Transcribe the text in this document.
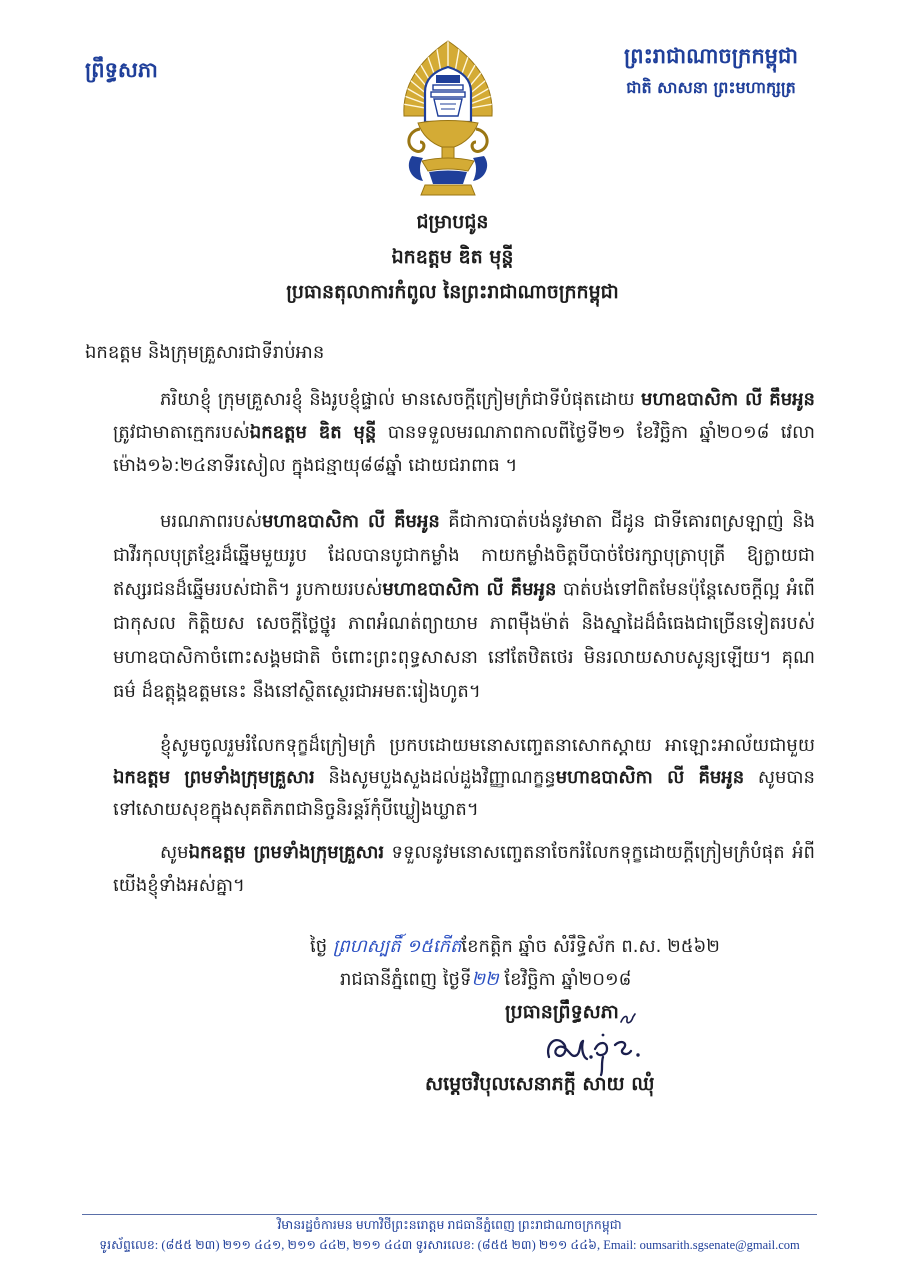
ព្រឹទ្ធសភា
ព្រះរាជាណាចក្រកម្ពុជា
ជាតិ សាសនា ព្រះមហាក្សត្រ
ជម្រាបជូន
ឯកឧត្តម ឌិត មុន្ដី
ប្រធានតុលាការកំពូល នៃព្រះរាជាណាចក្រកម្ពុជា
ឯកឧត្តម និងក្រុមគ្រួសារជាទីរាប់អាន

ភរិយាខ្ញុំ ក្រុមគ្រួសារខ្ញុំ និងរូបខ្ញុំផ្ទាល់ មានសេចក្ដីក្រៀមក្រំជាទីបំផុតដោយ មហាឧបាសិកា លី គឹមអូន ត្រូវជាមាតាក្មេករបស់ឯកឧត្តម ឌិត មុន្ដី បានទទួលមរណភាពកាលពីថ្ងៃទី២១ ខែវិច្ឆិកា ឆ្នាំ២០១៨ វេលាម៉ោង១៦:២៤នាទីរសៀល ក្នុងជន្មាយុ៨៨ឆ្នាំ ដោយជរាពាធ ។

មរណភាពរបស់មហាឧបាសិកា លី គឹមអូន គឺជាការបាត់បង់នូវមាតា ជីដូន ជាទីគោរពស្រឡាញ់ និងជាវីរកុលបុត្រខ្មែរដ៏ឆ្នើមមួយរូប ដែលបានបូជាកម្លាំង កាយកម្លាំងចិត្តបីបាច់ថែរក្សាបុត្រាបុត្រី ឱ្យក្លាយជាឥស្សរជនដ៏ឆ្នើមរបស់ជាតិ។ រូបកាយរបស់មហាឧបាសិកា លី គឹមអូន បាត់បង់ទៅពិតមែនប៉ុន្តែសេចក្ដីល្អ អំពើជាកុសល កិត្តិយស សេចក្ដីថ្លៃថ្នូរ ភាពអំណត់ព្យាយាម ភាពម៉ឺងម៉ាត់ និងស្នាដៃដ៏ធំធេងជាច្រើនទៀតរបស់មហាឧបាសិកាចំពោះសង្គមជាតិ ចំពោះព្រះពុទ្ធសាសនា នៅតែឋិតថេរ មិនរលាយសាបសូន្យឡើយ។ គុណធម៌ ដ៏ឧត្តុង្គឧត្តមនេះ នឹងនៅស្ថិតស្ថេរជាអមតៈរៀងហូត។

ខ្ញុំសូមចូលរួមរំលែកទុក្ខដ៏ក្រៀមក្រំ ប្រកបដោយមនោសញ្ចេតនាសោកស្ដាយ អាឡោះអាល័យជាមួយឯកឧត្តម ព្រមទាំងក្រុមគ្រួសារ និងសូមបួងសួងដល់ដួងវិញ្ញាណក្ខន្ធមហាឧបាសិកា លី គឹមអូន សូមបានទៅសោយសុខក្នុងសុគតិភពជានិច្ចនិរន្ដរ៍កុំបីឃ្លៀងឃ្លាត។

សូមឯកឧត្តម ព្រមទាំងក្រុមគ្រួសារ ទទួលនូវមនោសញ្ចេតនាចែករំលែកទុក្ខដោយក្ដីក្រៀមក្រំបំផុត អំពីយើងខ្ញុំទាំងអស់គ្នា។

ថ្ងៃ ព្រហស្បតិ៍ ១៥កើតខែកត្តិក ឆ្នាំច សំរឹទ្ធិស័ក ព.ស. ២៥៦២
រាជធានីភ្នំពេញ ថ្ងៃទី២២ ខែវិច្ឆិកា ឆ្នាំ២០១៨
ប្រធានព្រឹទ្ធសភា
សម្ដេចវិបុលសេនាភក្ដី សាយ ឈុំ
វិមានរដ្ឋចំការមន មហាវិថីព្រះនរោត្តម រាជធានីភ្នំពេញ ព្រះរាជាណាចក្រកម្ពុជា
ទូរស័ព្ទលេខ: (៨៥៥ ២៣) ២១១ ៤៤១, ២១១ ៤៤២, ២១១ ៤៤៣ ទូរសារលេខ: (៨៥៥ ២៣) ២១១ ៤៤៦, Email: oumsarith.sgsenate@gmail.com
